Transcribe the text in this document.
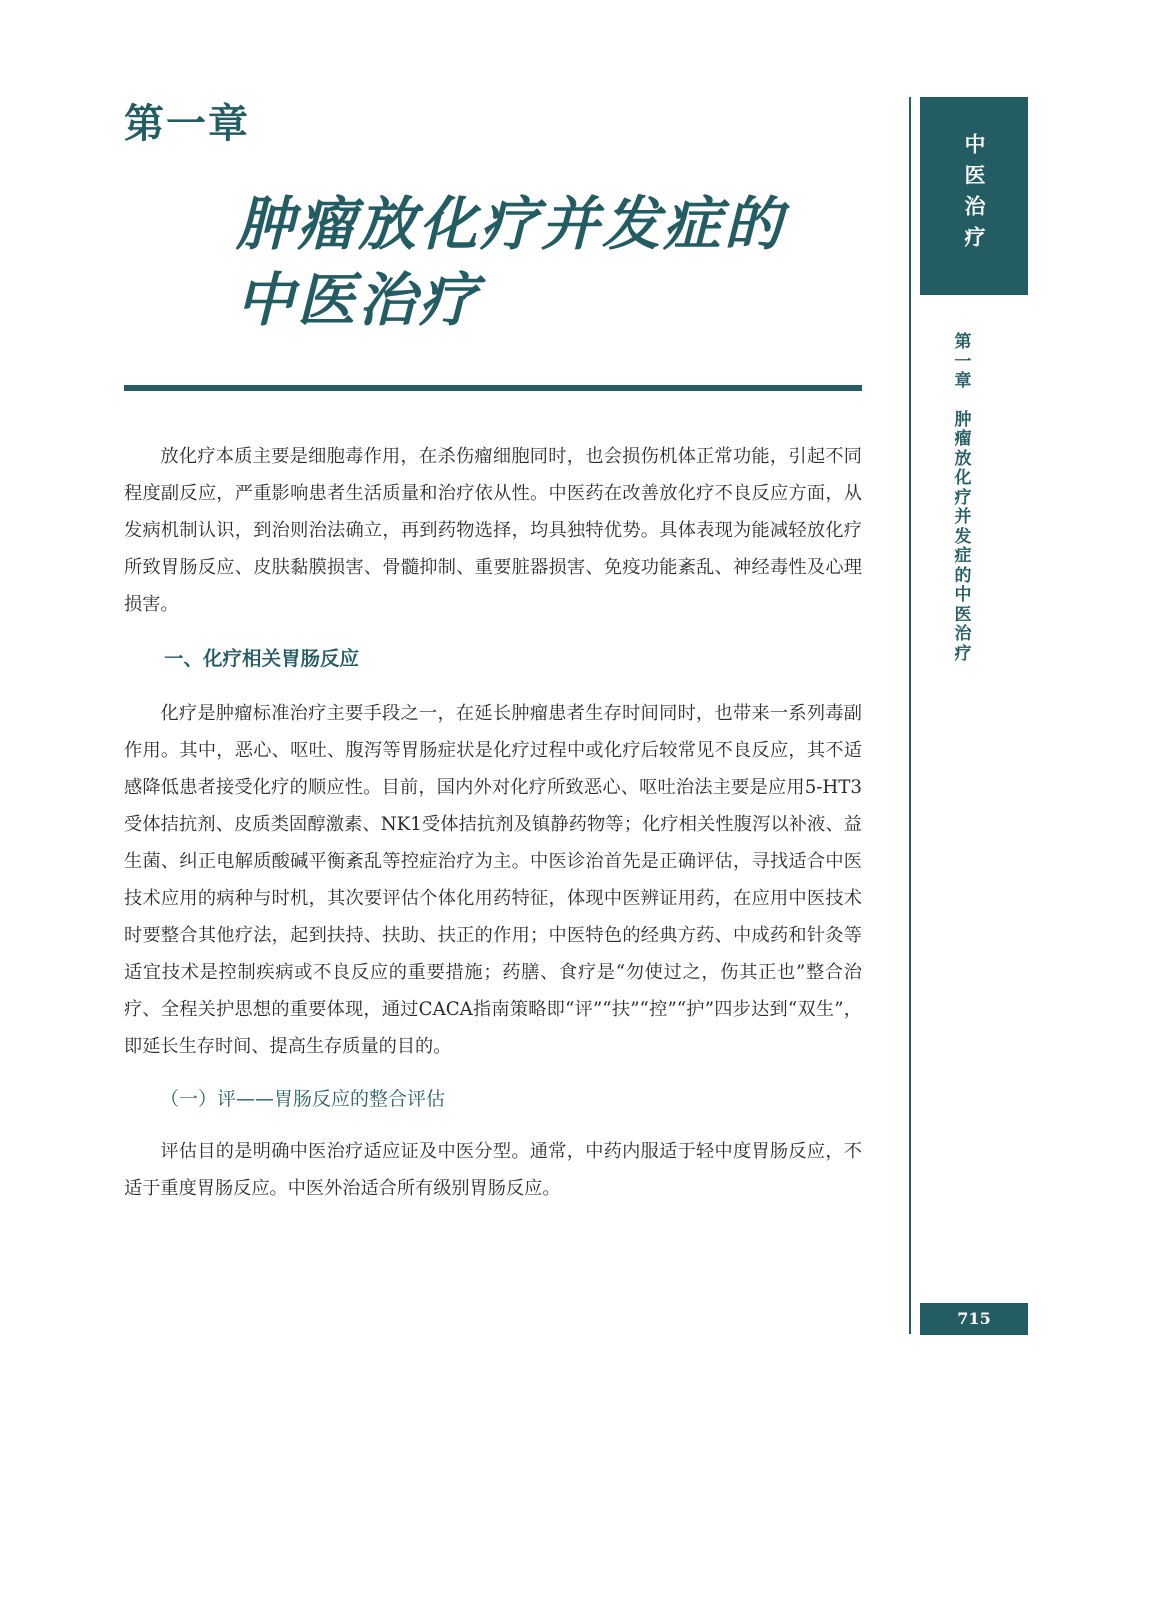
第一章
肿瘤放化疗并发症的
中医治疗

放化疗本质主要是细胞毒作用，在杀伤瘤细胞同时，也会损伤机体正常功能，引起不同程度副反应，严重影响患者生活质量和治疗依从性。中医药在改善放化疗不良反应方面，从发病机制认识，到治则治法确立，再到药物选择，均具独特优势。具体表现为能减轻放化疗所致胃肠反应、皮肤黏膜损害、骨髓抑制、重要脏器损害、免疫功能紊乱、神经毒性及心理损害。

一、化疗相关胃肠反应

化疗是肿瘤标准治疗主要手段之一，在延长肿瘤患者生存时间同时，也带来一系列毒副作用。其中，恶心、呕吐、腹泻等胃肠症状是化疗过程中或化疗后较常见不良反应，其不适感降低患者接受化疗的顺应性。目前，国内外对化疗所致恶心、呕吐治法主要是应用5-HT3受体拮抗剂、皮质类固醇激素、NK1受体拮抗剂及镇静药物等；化疗相关性腹泻以补液、益生菌、纠正电解质酸碱平衡紊乱等控症治疗为主。中医诊治首先是正确评估，寻找适合中医技术应用的病种与时机，其次要评估个体化用药特征，体现中医辨证用药，在应用中医技术时要整合其他疗法，起到扶持、扶助、扶正的作用；中医特色的经典方药、中成药和针灸等适宜技术是控制疾病或不良反应的重要措施；药膳、食疗是“勿使过之，伤其正也”整合治疗、全程关护思想的重要体现，通过CACA指南策略即“评”“扶”“控”“护”四步达到“双生”，即延长生存时间、提高生存质量的目的。

（一）评——胃肠反应的整合评估

评估目的是明确中医治疗适应证及中医分型。通常，中药内服适于轻中度胃肠反应，不适于重度胃肠反应。中医外治适合所有级别胃肠反应。

中医治疗
第一章
肿瘤放化疗并发症的中医治疗
715
